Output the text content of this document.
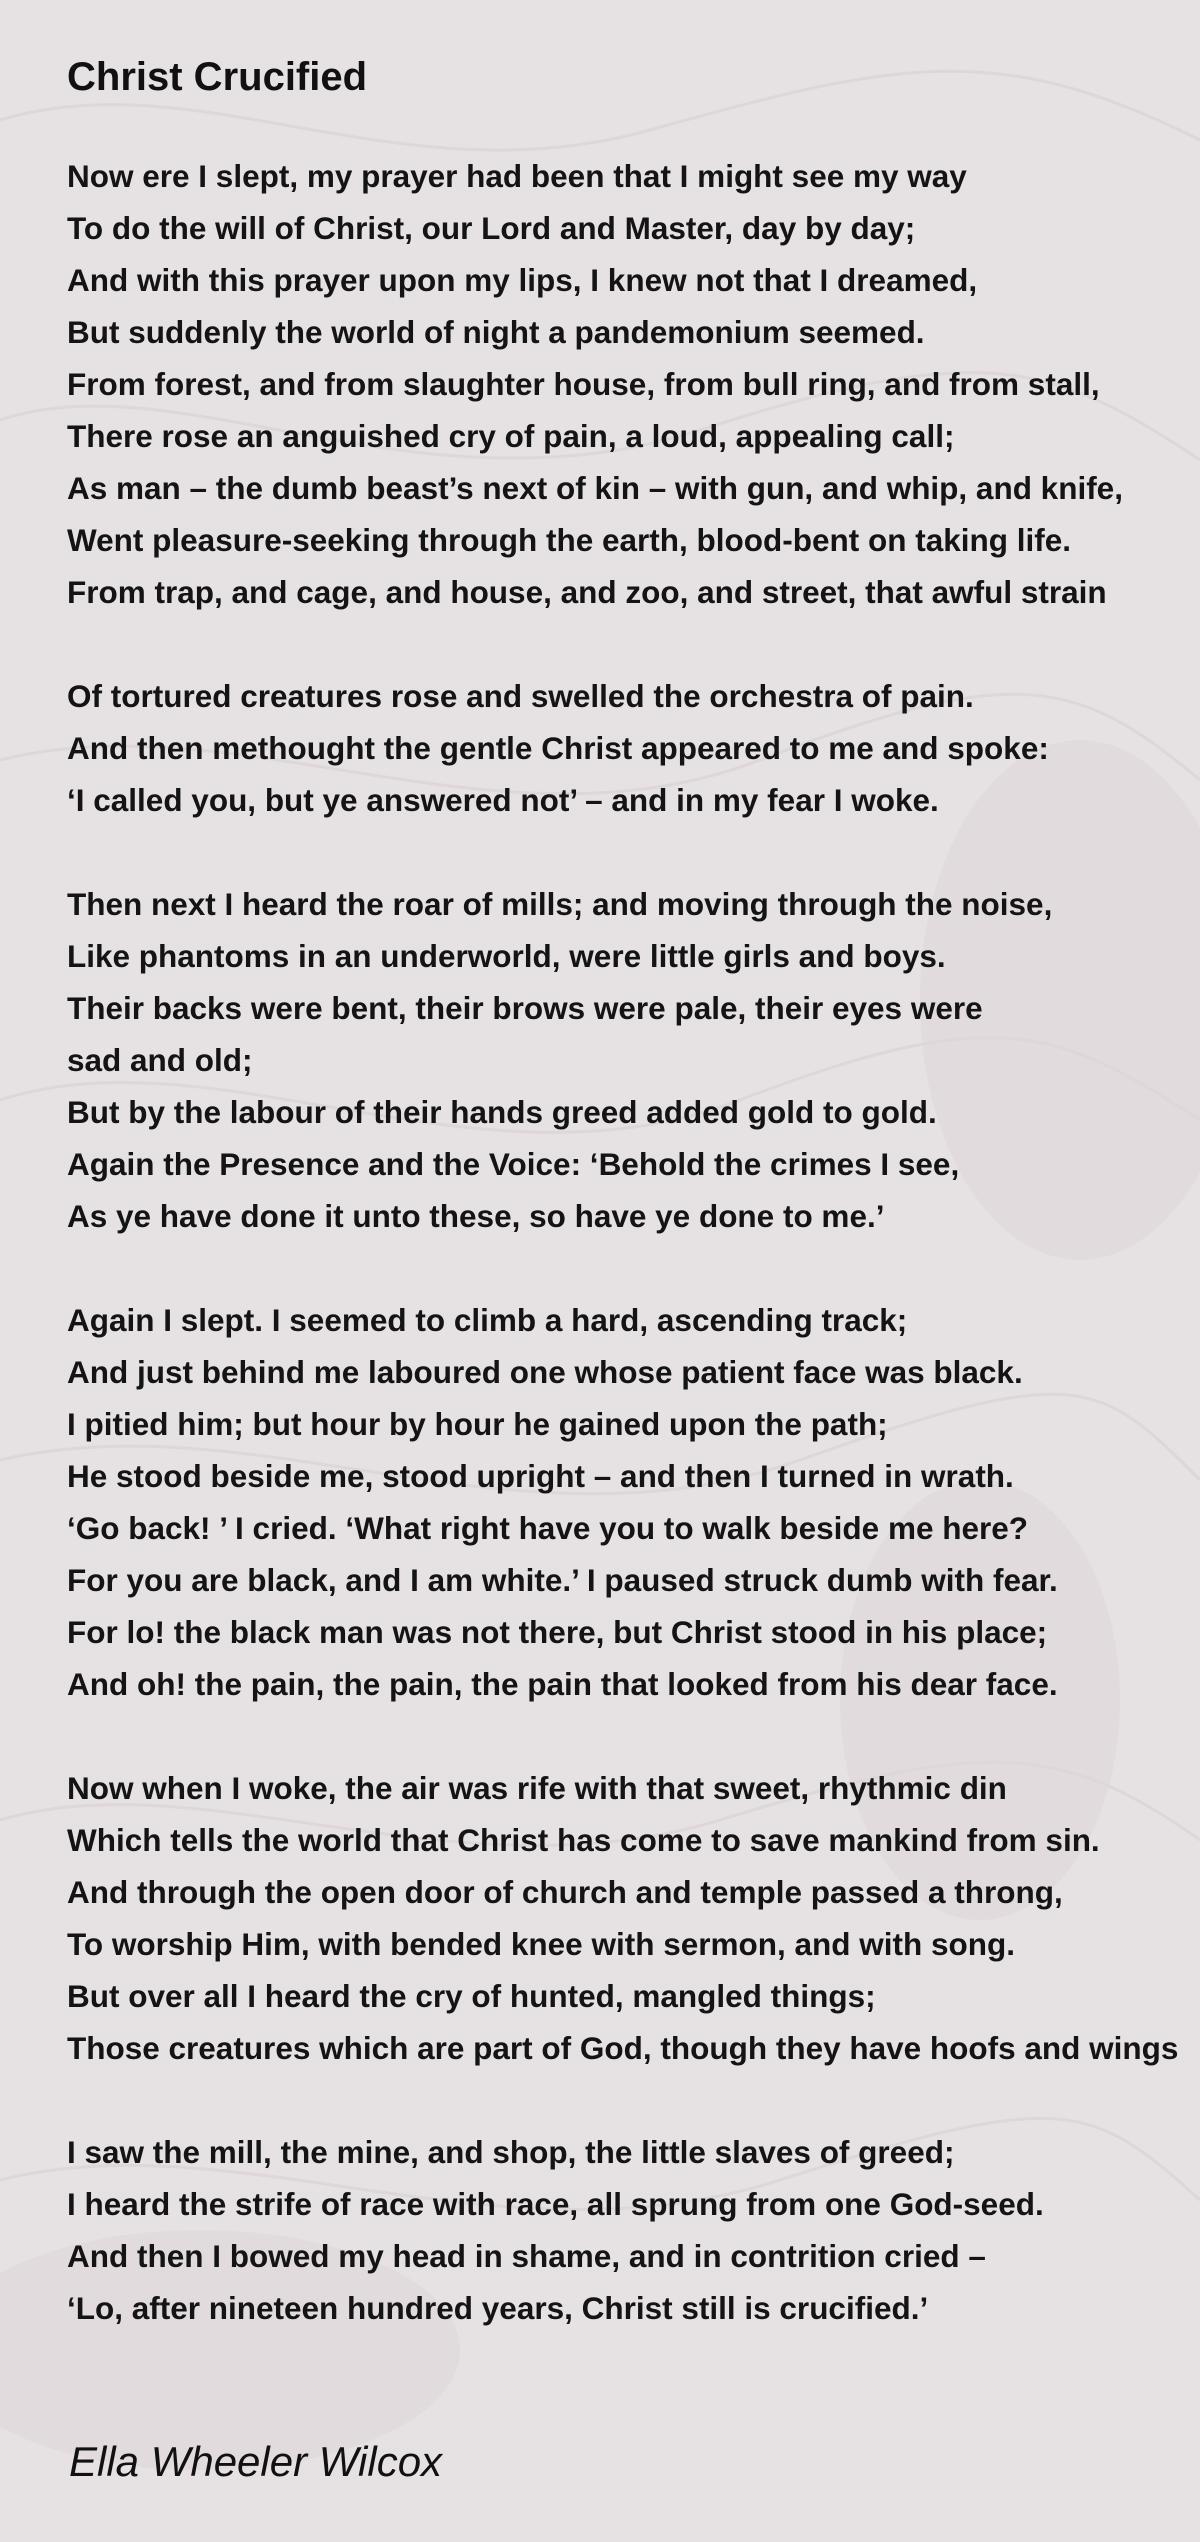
Christ Crucified
Now ere I slept, my prayer had been that I might see my way
To do the will of Christ, our Lord and Master, day by day;
And with this prayer upon my lips, I knew not that I dreamed,
But suddenly the world of night a pandemonium seemed.
From forest, and from slaughter house, from bull ring, and from stall,
There rose an anguished cry of pain, a loud, appealing call;
As man – the dumb beast’s next of kin – with gun, and whip, and knife,
Went pleasure-seeking through the earth, blood-bent on taking life.
From trap, and cage, and house, and zoo, and street, that awful strain
Of tortured creatures rose and swelled the orchestra of pain.
And then methought the gentle Christ appeared to me and spoke:
‘I called you, but ye answered not’ – and in my fear I woke.
Then next I heard the roar of mills; and moving through the noise,
Like phantoms in an underworld, were little girls and boys.
Their backs were bent, their brows were pale, their eyes were
sad and old;
But by the labour of their hands greed added gold to gold.
Again the Presence and the Voice: ‘Behold the crimes I see,
As ye have done it unto these, so have ye done to me.’
Again I slept. I seemed to climb a hard, ascending track;
And just behind me laboured one whose patient face was black.
I pitied him; but hour by hour he gained upon the path;
He stood beside me, stood upright – and then I turned in wrath.
‘Go back! ’ I cried. ‘What right have you to walk beside me here?
For you are black, and I am white.’ I paused struck dumb with fear.
For lo! the black man was not there, but Christ stood in his place;
And oh! the pain, the pain, the pain that looked from his dear face.
Now when I woke, the air was rife with that sweet, rhythmic din
Which tells the world that Christ has come to save mankind from sin.
And through the open door of church and temple passed a throng,
To worship Him, with bended knee with sermon, and with song.
But over all I heard the cry of hunted, mangled things;
Those creatures which are part of God, though they have hoofs and wings
I saw the mill, the mine, and shop, the little slaves of greed;
I heard the strife of race with race, all sprung from one God-seed.
And then I bowed my head in shame, and in contrition cried –
‘Lo, after nineteen hundred years, Christ still is crucified.’
Ella Wheeler Wilcox
